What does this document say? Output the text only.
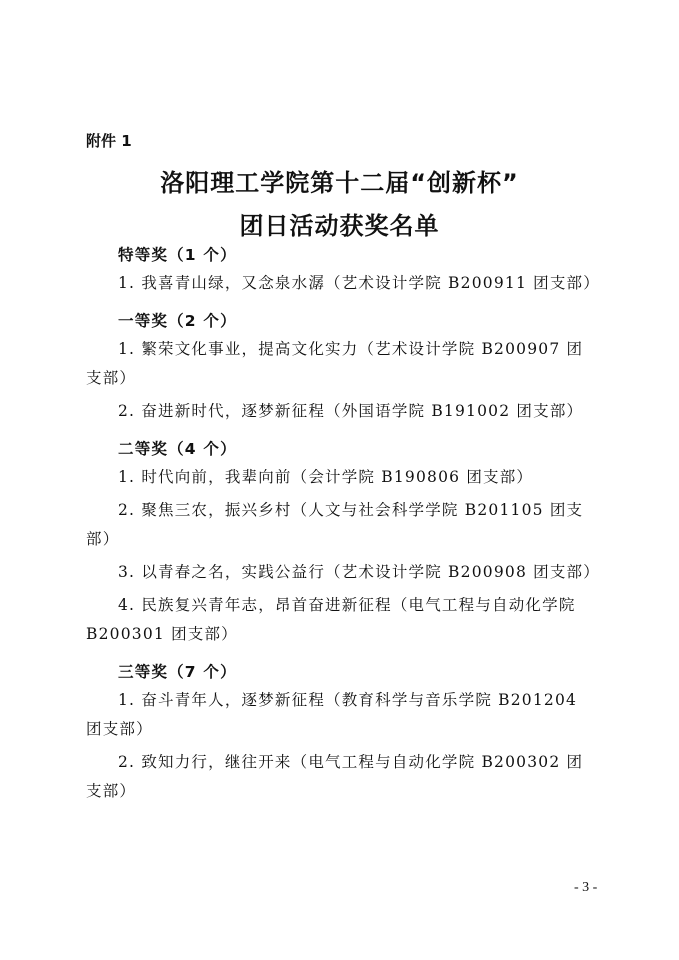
附件 1
洛阳理工学院第十二届“创新杯”
团日活动获奖名单
特等奖（1 个）
1. 我喜青山绿，又念泉水潺（艺术设计学院 B200911 团支部）
一等奖（2 个）
1. 繁荣文化事业，提高文化实力（艺术设计学院 B200907 团支部）
2. 奋进新时代，逐梦新征程（外国语学院 B191002 团支部）
二等奖（4 个）
1. 时代向前，我辈向前（会计学院 B190806 团支部）
2. 聚焦三农，振兴乡村（人文与社会科学学院 B201105 团支部）
3. 以青春之名，实践公益行（艺术设计学院 B200908 团支部）
4. 民族复兴青年志，昂首奋进新征程（电气工程与自动化学院 B200301 团支部）
三等奖（7 个）
1. 奋斗青年人，逐梦新征程（教育科学与音乐学院 B201204 团支部）
2. 致知力行，继往开来（电气工程与自动化学院 B200302 团支部）
- 3 -
